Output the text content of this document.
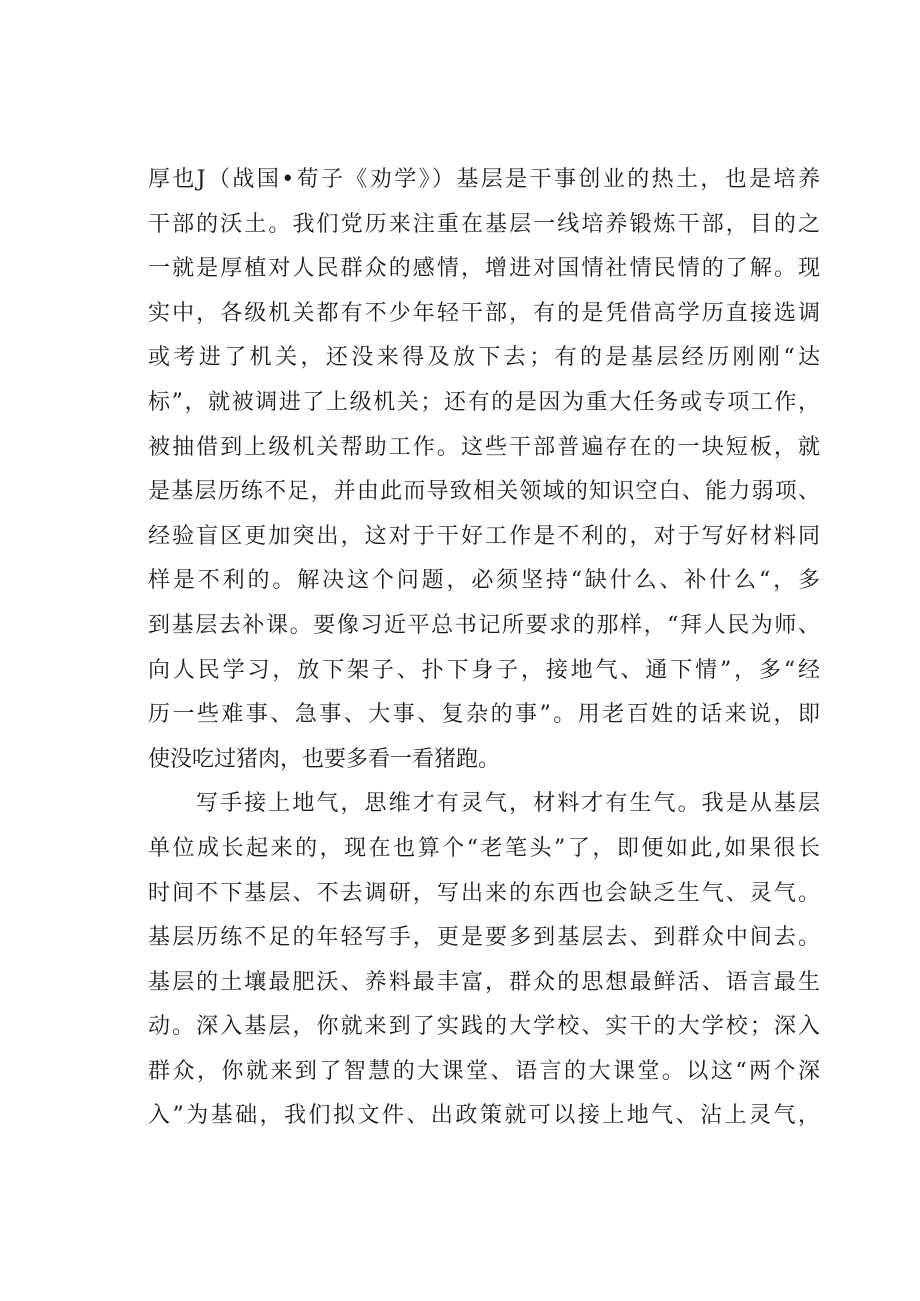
厚也J（战国•荀子《劝学》）基层是干事创业的热土，也是培养
干部的沃土。我们党历来注重在基层一线培养锻炼干部，目的之
一就是厚植对人民群众的感情，增进对国情社情民情的了解。现
实中，各级机关都有不少年轻干部，有的是凭借高学历直接选调
或考进了机关，还没来得及放下去；有的是基层经历刚刚“达
标”，就被调进了上级机关；还有的是因为重大任务或专项工作，
被抽借到上级机关帮助工作。这些干部普遍存在的一块短板，就
是基层历练不足，并由此而导致相关领域的知识空白、能力弱项、
经验盲区更加突出，这对于干好工作是不利的，对于写好材料同
样是不利的。解决这个问题，必须坚持“缺什么、补什么“，多
到基层去补课。要像习近平总书记所要求的那样，“拜人民为师、
向人民学习，放下架子、扑下身子，接地气、通下情”，多“经
历一些难事、急事、大事、复杂的事”。用老百姓的话来说，即
使没吃过猪肉，也要多看一看猪跑。
写手接上地气，思维才有灵气，材料才有生气。我是从基层
单位成长起来的，现在也算个“老笔头”了，即便如此,如果很长
时间不下基层、不去调研，写出来的东西也会缺乏生气、灵气。
基层历练不足的年轻写手，更是要多到基层去、到群众中间去。
基层的土壤最肥沃、养料最丰富，群众的思想最鲜活、语言最生
动。深入基层，你就来到了实践的大学校、实干的大学校；深入
群众，你就来到了智慧的大课堂、语言的大课堂。以这“两个深
入”为基础，我们拟文件、出政策就可以接上地气、沾上灵气，
